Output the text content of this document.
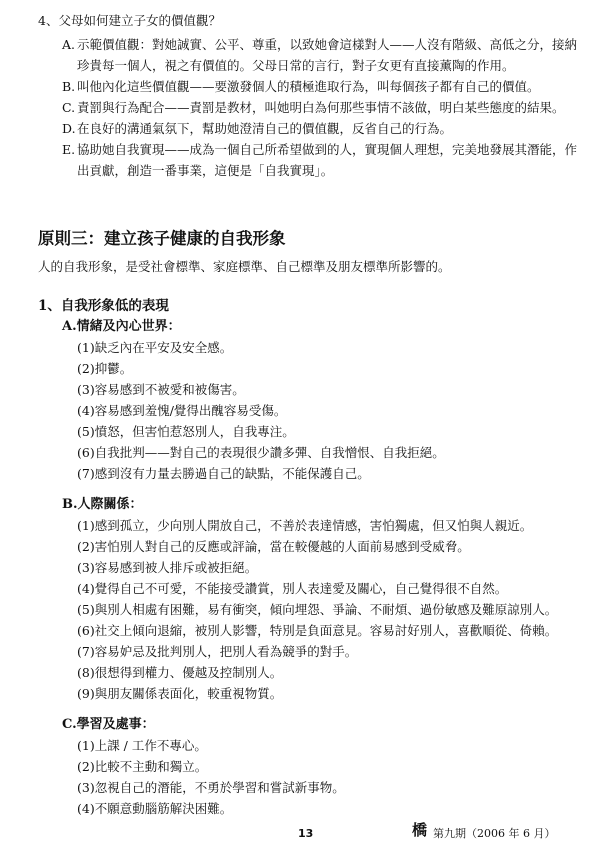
4、父母如何建立子女的價值觀？
A. 示範價值觀：對她誠實、公平、尊重，以致她會這樣對人——人沒有階級、高低之分，接納珍貴每一個人，視之有價值的。父母日常的言行，對子女更有直接薰陶的作用。
B. 叫他內化這些價值觀——要激發個人的積極進取行為，叫每個孩子都有自己的價值。
C. 責罰與行為配合——責罰是教材，叫她明白為何那些事情不該做，明白某些態度的結果。
D. 在良好的溝通氣氛下，幫助她澄清自己的價值觀，反省自己的行為。
E. 協助她自我實現——成為一個自己所希望做到的人，實現個人理想，完美地發展其潛能，作出貢獻，創造一番事業，這便是「自我實現」。
原則三：建立孩子健康的自我形象
人的自我形象，是受社會標準、家庭標準、自己標準及朋友標準所影響的。
1、自我形象低的表現
A.情緒及內心世界：
(1)缺乏內在平安及安全感。
(2)抑鬱。
(3)容易感到不被愛和被傷害。
(4)容易感到羞愧/覺得出醜容易受傷。
(5)憤怒，但害怕惹怒別人，自我專注。
(6)自我批判——對自己的表現很少讚多彈、自我憎恨、自我拒絕。
(7)感到沒有力量去勝過自己的缺點，不能保護自己。
B.人際關係：
(1)感到孤立，少向別人開放自己，不善於表達情感，害怕獨處，但又怕與人親近。
(2)害怕別人對自己的反應或評論，當在較優越的人面前易感到受威脅。
(3)容易感到被人排斥或被拒絕。
(4)覺得自己不可愛，不能接受讚賞，別人表達愛及關心，自己覺得很不自然。
(5)與別人相處有困難，易有衝突，傾向埋怨、爭論、不耐煩、過份敏感及難原諒別人。
(6)社交上傾向退縮，被別人影響，特別是負面意見。容易討好別人，喜歡順從、倚賴。
(7)容易妒忌及批判別人，把別人看為競爭的對手。
(8)很想得到權力、優越及控制別人。
(9)與朋友關係表面化，較重視物質。
C.學習及處事：
(1)上課 / 工作不專心。
(2)比較不主動和獨立。
(3)忽視自己的潛能，不勇於學習和嘗試新事物。
(4)不願意動腦筋解決困難。
13	橋 第九期（2006 年 6 月）
